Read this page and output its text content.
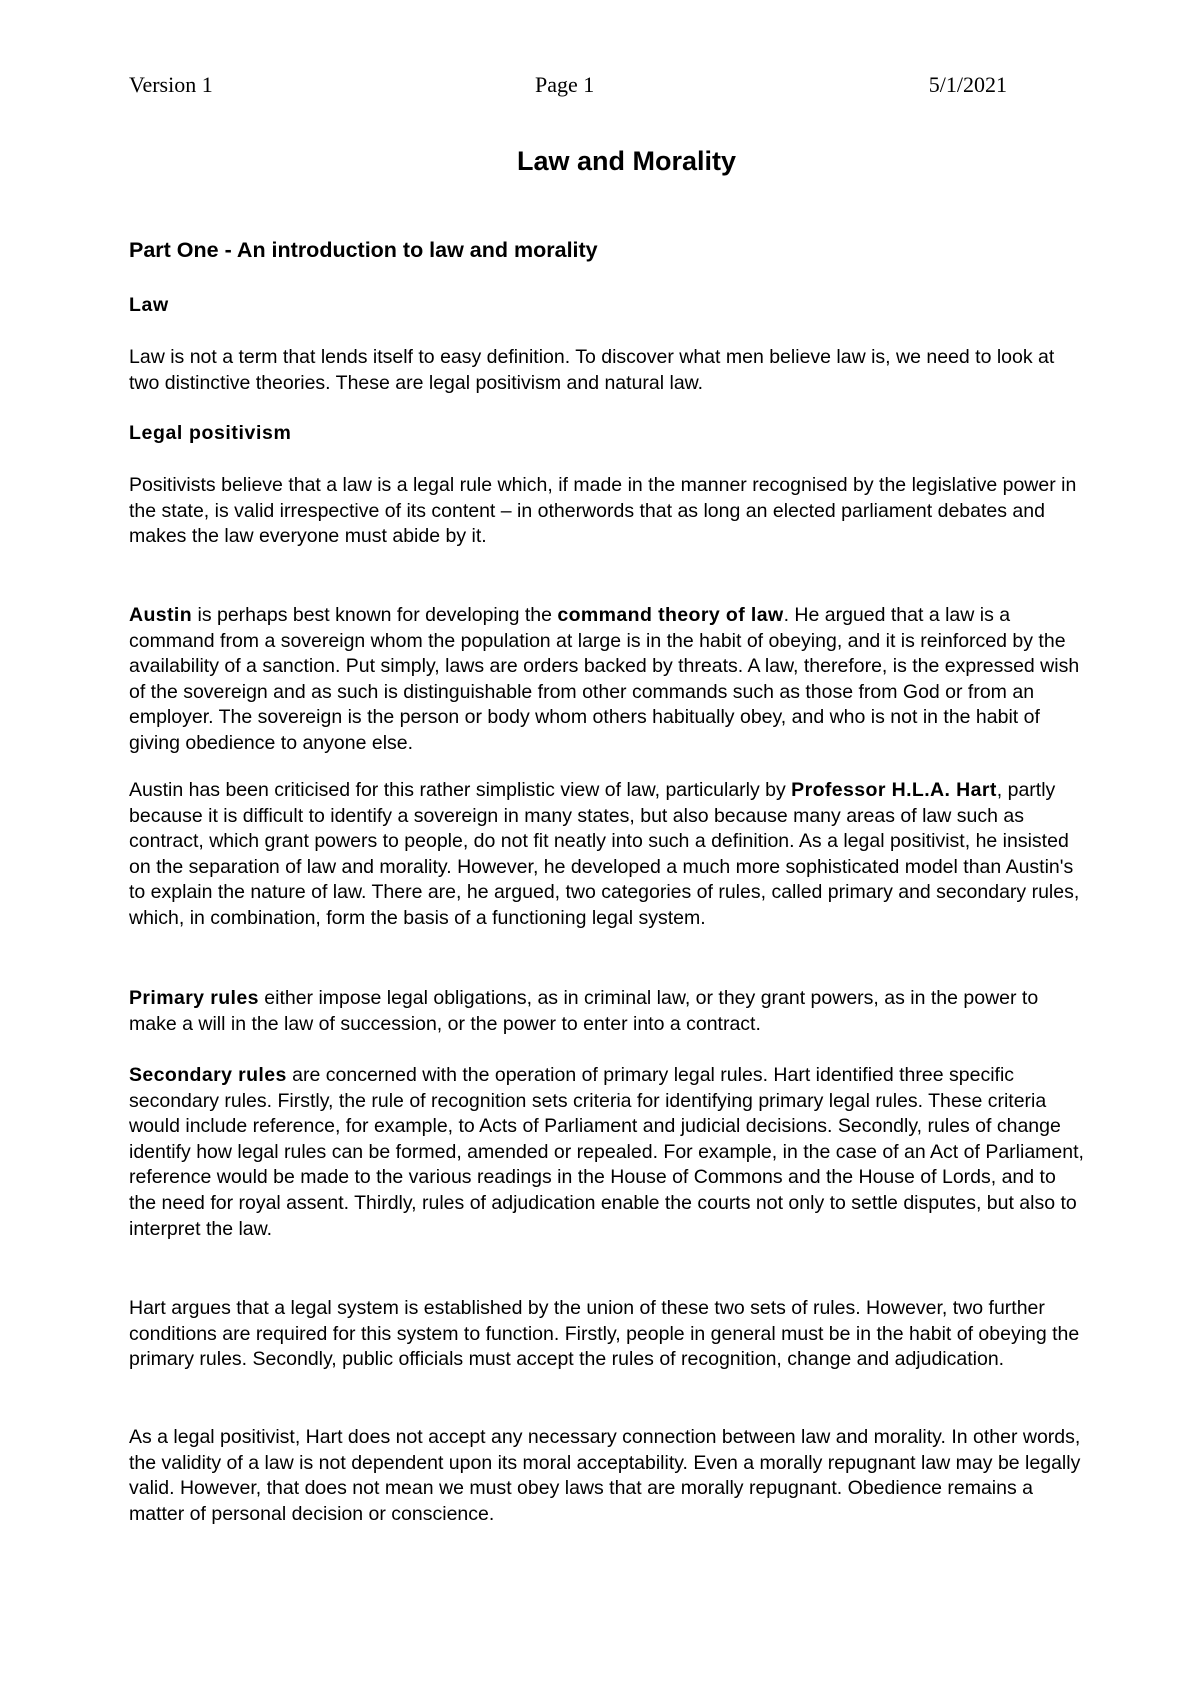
Version 1	Page 1	5/1/2021
Law and Morality
Part One - An introduction to law and morality
Law

Law is not a term that lends itself to easy definition. To discover what men believe law is, we need to look at two distinctive theories. These are legal positivism and natural law.

Legal positivism

Positivists believe that a law is a legal rule which, if made in the manner recognised by the legislative power in the state, is valid irrespective of its content – in otherwords that as long an elected parliament debates and makes the law everyone must abide by it.

Austin is perhaps best known for developing the command theory of law. He argued that a law is a command from a sovereign whom the population at large is in the habit of obeying, and it is reinforced by the availability of a sanction. Put simply, laws are orders backed by threats. A law, therefore, is the expressed wish of the sovereign and as such is distinguishable from other commands such as those from God or from an employer. The sovereign is the person or body whom others habitually obey, and who is not in the habit of giving obedience to anyone else.

Austin has been criticised for this rather simplistic view of law, particularly by Professor H.L.A. Hart, partly because it is difficult to identify a sovereign in many states, but also because many areas of law such as contract, which grant powers to people, do not fit neatly into such a definition. As a legal positivist, he insisted on the separation of law and morality. However, he developed a much more sophisticated model than Austin's to explain the nature of law. There are, he argued, two categories of rules, called primary and secondary rules, which, in combination, form the basis of a functioning legal system.

Primary rules either impose legal obligations, as in criminal law, or they grant powers, as in the power to make a will in the law of succession, or the power to enter into a contract.

Secondary rules are concerned with the operation of primary legal rules. Hart identified three specific secondary rules. Firstly, the rule of recognition sets criteria for identifying primary legal rules. These criteria would include reference, for example, to Acts of Parliament and judicial decisions. Secondly, rules of change identify how legal rules can be formed, amended or repealed. For example, in the case of an Act of Parliament, reference would be made to the various readings in the House of Commons and the House of Lords, and to the need for royal assent. Thirdly, rules of adjudication enable the courts not only to settle disputes, but also to interpret the law.

Hart argues that a legal system is established by the union of these two sets of rules. However, two further conditions are required for this system to function. Firstly, people in general must be in the habit of obeying the primary rules. Secondly, public officials must accept the rules of recognition, change and adjudication.

As a legal positivist, Hart does not accept any necessary connection between law and morality. In other words, the validity of a law is not dependent upon its moral acceptability. Even a morally repugnant law may be legally valid. However, that does not mean we must obey laws that are morally repugnant. Obedience remains a matter of personal decision or conscience.
